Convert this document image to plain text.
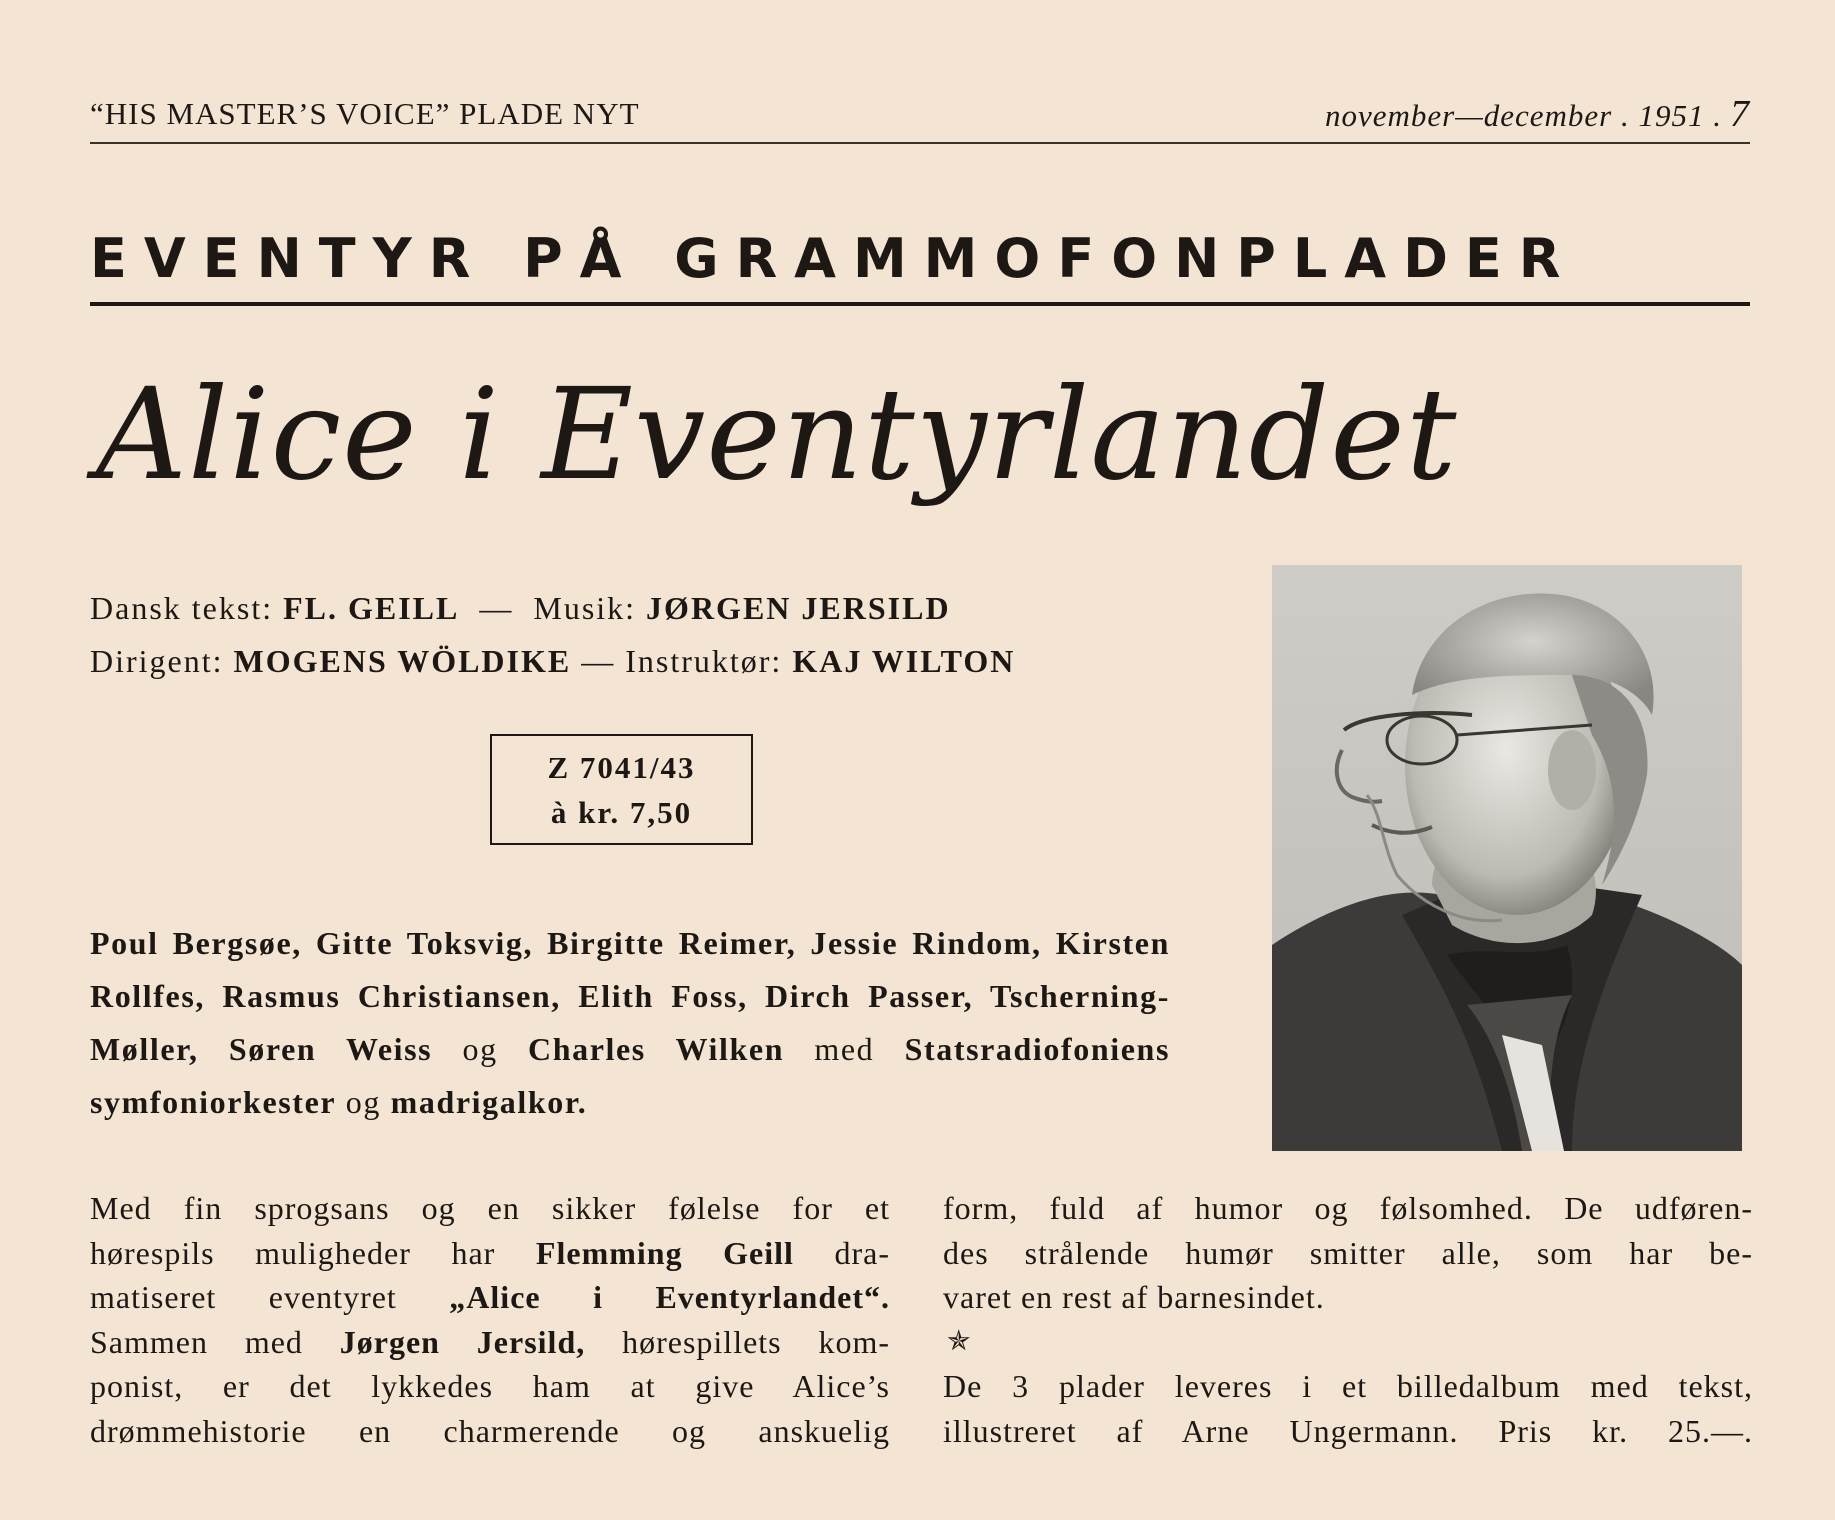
“HIS MASTER’S VOICE” PLADE NYT	november—december . 1951 . 7
EVENTYR PÅ GRAMMOFONPLADER
Alice i Eventyrlandet
Dansk tekst: FL. GEILL — Musik: JØRGEN JERSILD
Dirigent: MOGENS WÖLDIKE — Instruktør: KAJ WILTON
Z 7041/43
à kr. 7,50
Poul Bergsøe, Gitte Toksvig, Birgitte Reimer, Jessie Rindom, Kirsten Rollfes, Rasmus Christiansen, Elith Foss, Dirch Passer, Tscherning-Møller, Søren Weiss og Charles Wilken med Statsradiofoniens symfoniorkester og madrigalkor.
Med fin sprogsans og en sikker følelse for et
hørespils muligheder har Flemming Geill dra-
matiseret eventyret „Alice i Eventyrlandet“.
Sammen med Jørgen Jersild, hørespillets kom-
ponist, er det lykkedes ham at give Alice’s
drømmehistorie en charmerende og anskuelig
form, fuld af humor og følsomhed. De udføren-
des strålende humør smitter alle, som har be-
varet en rest af barnesindet.
✯
De 3 plader leveres i et billedalbum med tekst,
illustreret af Arne Ungermann. Pris kr. 25.—.
